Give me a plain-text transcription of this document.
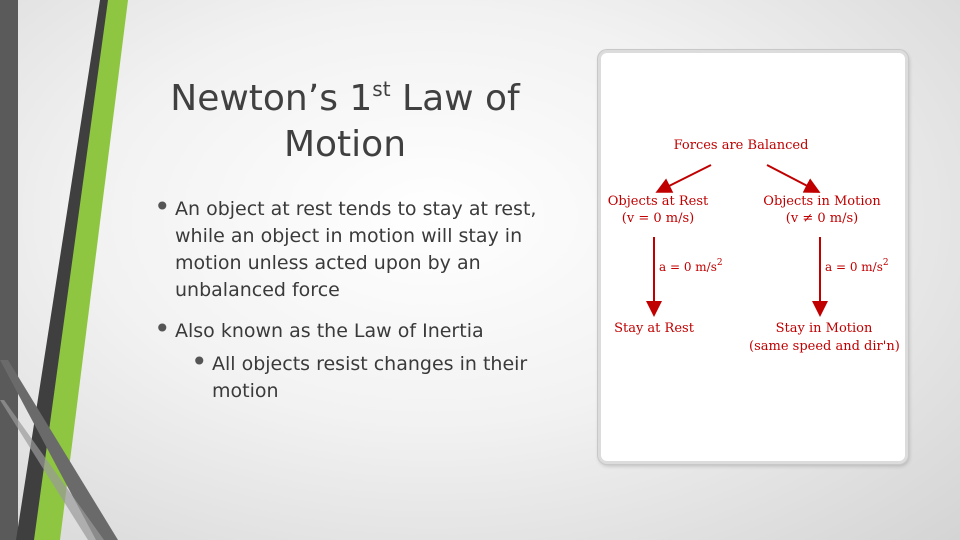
Newton’s 1st Law of Motion
• An object at rest tends to stay at rest, while an object in motion will stay in motion unless acted upon by an unbalanced force
• Also known as the Law of Inertia
• All objects resist changes in their motion
Forces are Balanced
Objects at Rest
(v = 0 m/s)
Objects in Motion
(v ≠ 0 m/s)
a = 0 $m/s^2$	a = 0 $m/s^2$
Stay at Rest	Stay in Motion
(same speed and dir'n)
